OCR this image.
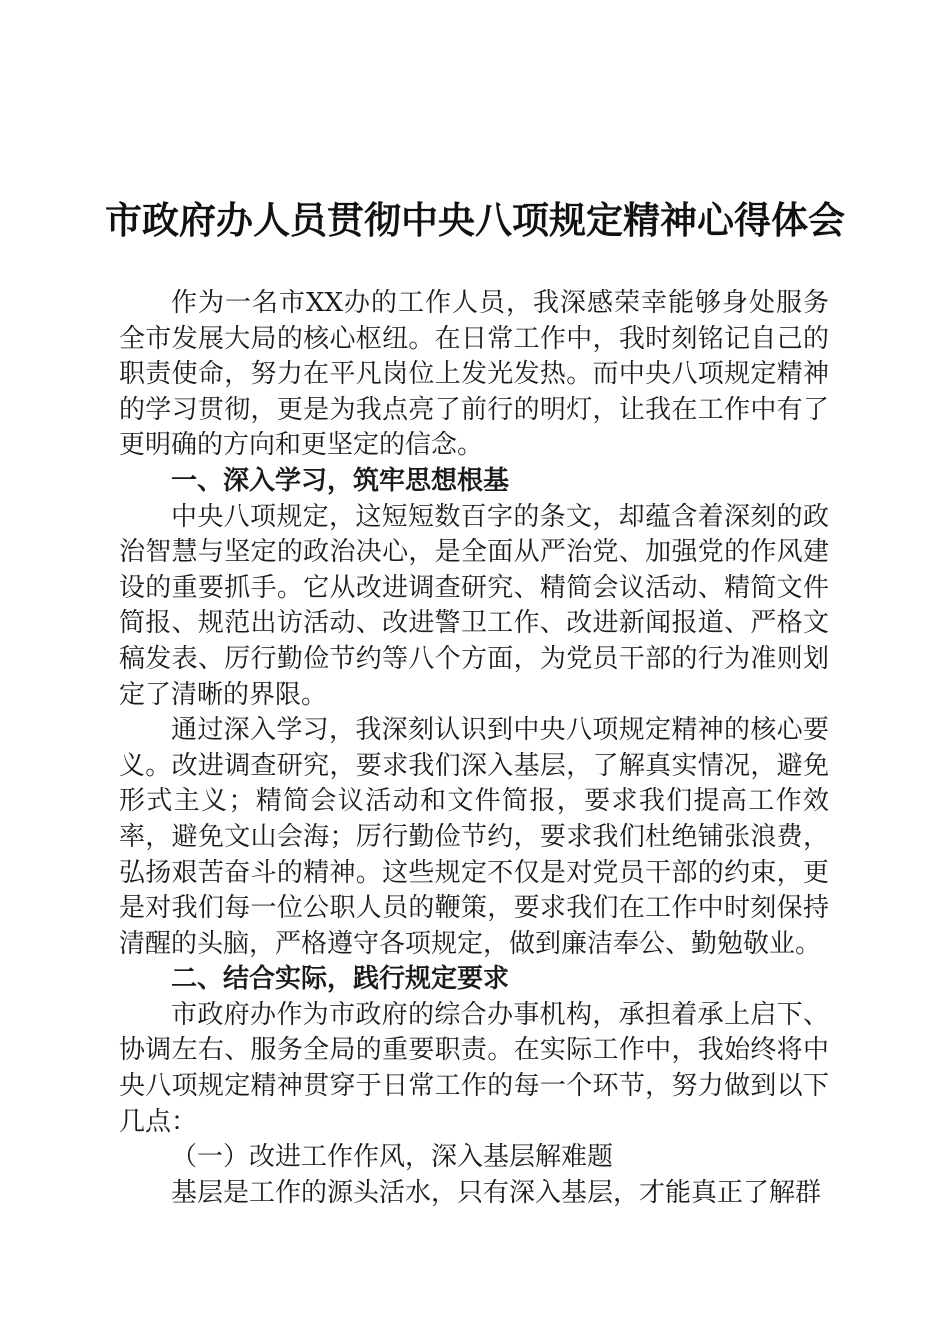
市政府办人员贯彻中央八项规定精神心得体会

作为一名市XX办的工作人员，我深感荣幸能够身处服务全市发展大局的核心枢纽。在日常工作中，我时刻铭记自己的职责使命，努力在平凡岗位上发光发热。而中央八项规定精神的学习贯彻，更是为我点亮了前行的明灯，让我在工作中有了更明确的方向和更坚定的信念。

一、深入学习，筑牢思想根基

中央八项规定，这短短数百字的条文，却蕴含着深刻的政治智慧与坚定的政治决心，是全面从严治党、加强党的作风建设的重要抓手。它从改进调查研究、精简会议活动、精简文件简报、规范出访活动、改进警卫工作、改进新闻报道、严格文稿发表、厉行勤俭节约等八个方面，为党员干部的行为准则划定了清晰的界限。

通过深入学习，我深刻认识到中央八项规定精神的核心要义。改进调查研究，要求我们深入基层，了解真实情况，避免形式主义；精简会议活动和文件简报，要求我们提高工作效率，避免文山会海；厉行勤俭节约，要求我们杜绝铺张浪费，弘扬艰苦奋斗的精神。这些规定不仅是对党员干部的约束，更是对我们每一位公职人员的鞭策，要求我们在工作中时刻保持清醒的头脑，严格遵守各项规定，做到廉洁奉公、勤勉敬业。

二、结合实际，践行规定要求

市政府办作为市政府的综合办事机构，承担着承上启下、协调左右、服务全局的重要职责。在实际工作中，我始终将中央八项规定精神贯穿于日常工作的每一个环节，努力做到以下几点：

（一）改进工作作风，深入基层解难题

基层是工作的源头活水，只有深入基层，才能真正了解群
